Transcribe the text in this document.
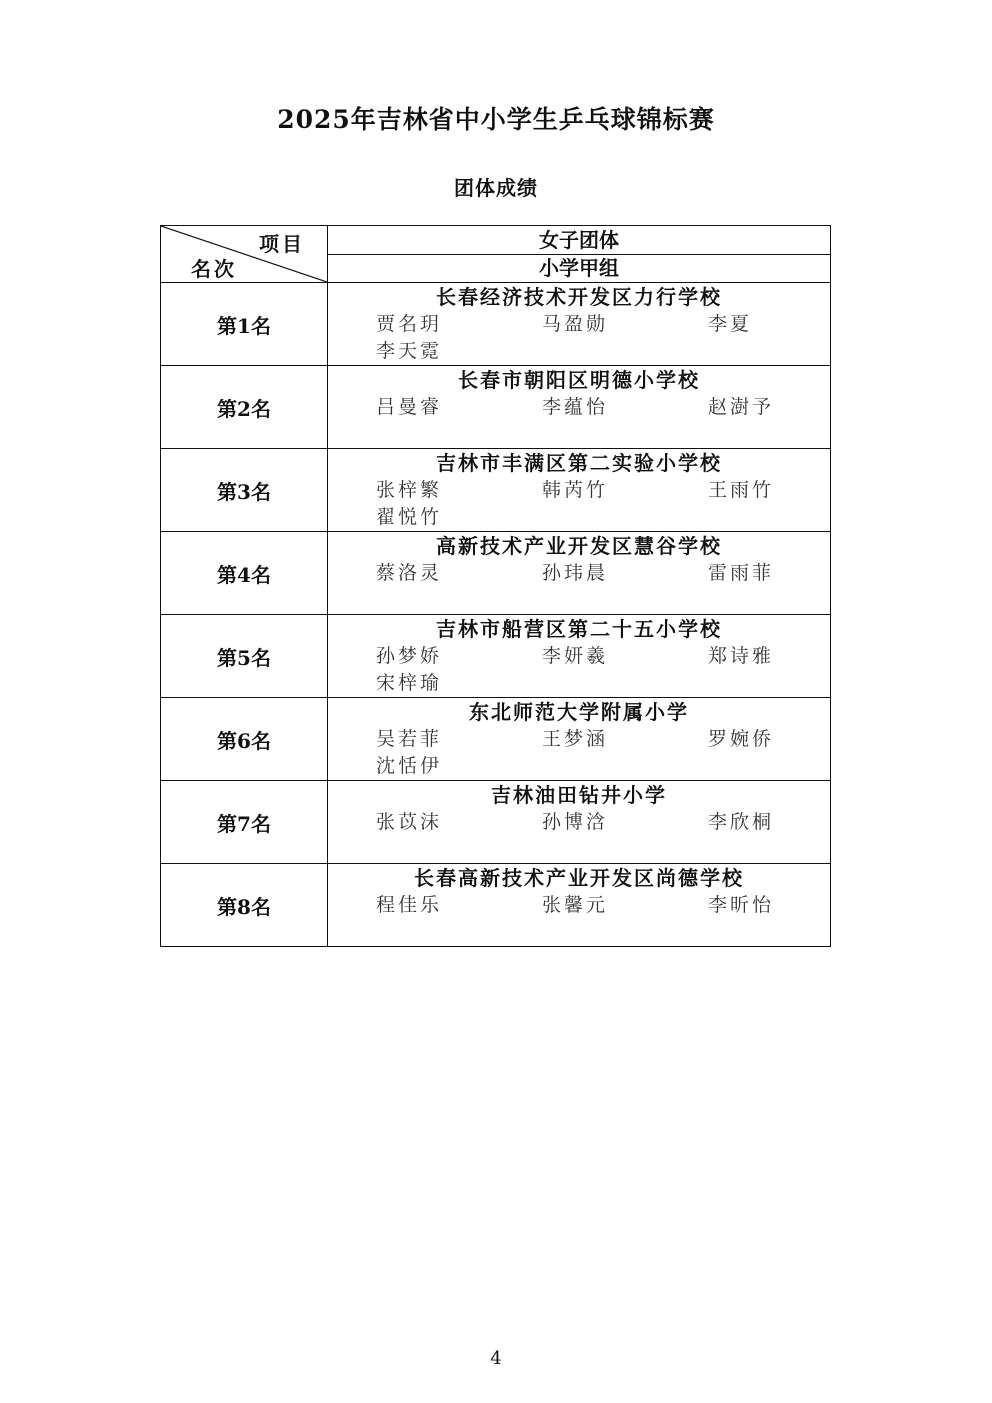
2025年吉林省中小学生乒乓球锦标赛
团体成绩
项目
名次	女子团体
	小学甲组
第1名	长春经济技术开发区力行学校
贾名玥 马盈勋 李夏
李天霓

第2名	长春市朝阳区明德小学校
吕曼睿 李蕴怡 赵澍予

第3名	吉林市丰满区第二实验小学校
张梓繁 韩芮竹 王雨竹
翟悦竹

第4名	高新技术产业开发区慧谷学校
蔡洛灵 孙玮晨 雷雨菲

第5名	吉林市船营区第二十五小学校
孙梦娇 李妍羲 郑诗雅
宋梓瑜

第6名	东北师范大学附属小学
吴若菲 王梦涵 罗婉侨
沈恬伊

第7名	吉林油田钻井小学
张苡沫 孙博浛 李欣桐

第8名	长春高新技术产业开发区尚德学校
程佳乐 张馨元 李昕怡
4
